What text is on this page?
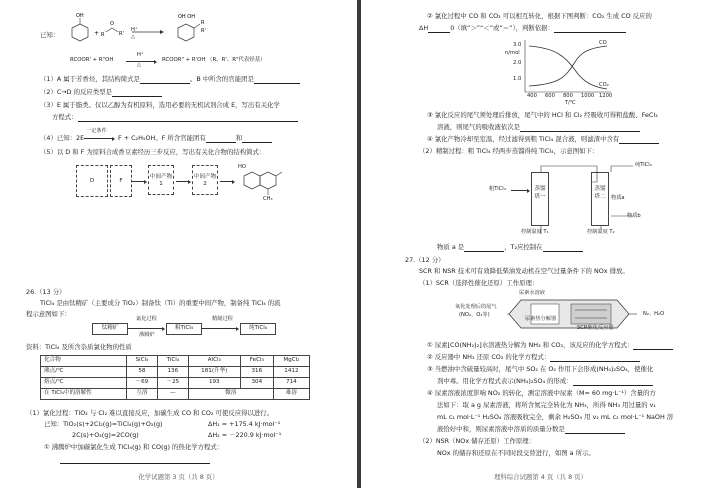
已知：
OH
+ R	R'
O
OH OH
R
R'
H⁺
△
RCOOR' + R"OH
H⁺
△
RCOOR" + R'OH （R、R'、R"代表烃基）
（1）A 属于芳香烃，其结构简式是	。B 中所含的官能团是
（2）C→D 的反应类型是
（3）E 属于脂类。仅以乙醇为有机原料，选用必要的无机试剂合成 E，写出有关化学
方程式：
（4）已知：2E
一定条件
F + C₂H₅OH。F 所含官能团有	和
（5）以 D 和 F 为原料合成香豆素经历三步反应，写出有关化合物的结构简式：
D	F
中间产物1
中间产物2
HO
CH₃
26.（13 分）
TiCl₄ 是由钛精矿（主要成分 TiO₂）制备钛（Ti）的重要中间产物，制备纯 TiCl₄ 的流
程示意图如下：
钛精矿
氯化过程
沸腾炉
粗TiCl₄
精制过程
纯TiCl₄
资料：TiCl₄ 及所含杂质氯化物的性质
化合物	SiCl₄	TiCl₄	AlCl₃	FeCl₃	MgCl₂
沸点/℃	58	136	181(升华)	316	1412
熔点/℃	－69	－25	193	304	714
在 TiCl₄中的溶解性	互溶	—	微溶		难溶
（1）氯化过程：TiO₂ 与 Cl₂ 难以直接反应，加碳生成 CO 和 CO₂ 可使反应得以进行。
已知：TiO₂(s)+2Cl₂(g)=TiCl₄(g)+O₂(g)	ΔH₁ = +175.4 kJ·mol⁻¹
2C(s)+O₂(g)=2CO(g)	ΔH₂ = －220.9 kJ·mol⁻¹
① 沸腾炉中加碳氯化生成 TiCl₄(g) 和 CO(g) 的热化学方程式：
化学试题第 3 页（共 8 页）
② 氯化过程中 CO 和 CO₂ 可以相互转化，根据下图判断：CO₂ 生成 CO 反应的
ΔH	0（填“＞”“＜”或“＝”），判断依据：
n/mol
3.0
2.0
1.0
400 600 800 1000 1200
T/℃
CO
CO₂
③ 氯化反应的尾气须处理后排放，尾气中的 HCl 和 Cl₂ 经吸收可得粗盐酸、FeCl₃
溶液，则尾气的吸收液依次是
④ 氯化产物冷却至室温，经过滤得到粗 TiCl₄ 混合液，则滤渣中含有
（2）精制过程：粗 TiCl₄ 经两步蒸馏得纯 TiCl₄，示意图如下：
粗TiCl₄	蒸馏塔一
蒸馏塔二
纯TiCl₄
物质b
物质a
控制温度 T₁	控制温度 T₂
物质 a 是	，T₂应控制在
27.（12 分）
SCR 和 NSR 技术可有效降低柴油发动机在空气过量条件下的 NOx 排放。
（1）SCR（选择性催化还原）工作原理：
尿素水溶液
氧化处理后的尾气
(NO₂、O₂等)
尿素热分解器
N₂、H₂O
SCR催化反应器
① 尿素[CO(NH₂)₂]水溶液热分解为 NH₃ 和 CO₂，该反应的化学方程式：
② 反应器中 NH₃ 还原 CO₂ 的化学方程式：
③ 当燃油中含硫量较高时，尾气中 SO₂ 在 O₂ 作用下会形成(NH₄)₂SO₄，使催化
剂中毒。用化学方程式表示(NH₄)₂SO₄ 的形成：
④ 尿素溶液浓度影响 NO₂ 的转化，测定溶液中尿素（M= 60 mg·L⁻¹）含量的方
法如下：取 a g 尿素溶液，将所含氮完全转化为 NH₃，所得 NH₃ 用过量的 v₁
mL c₁ mol·L⁻¹ H₂SO₄ 溶液吸收完全，剩余 H₂SO₄ 用 v₂ mL c₂ mol·L⁻¹ NaOH 溶
液恰好中和，则尿素溶液中溶质的质量分数是
（2）NSR（NOx 储存还原）工作原理：
NOx 的储存和还原在不同时段交替进行，如图 a 所示。
理科综合试题第 4 页（共 8 页）
